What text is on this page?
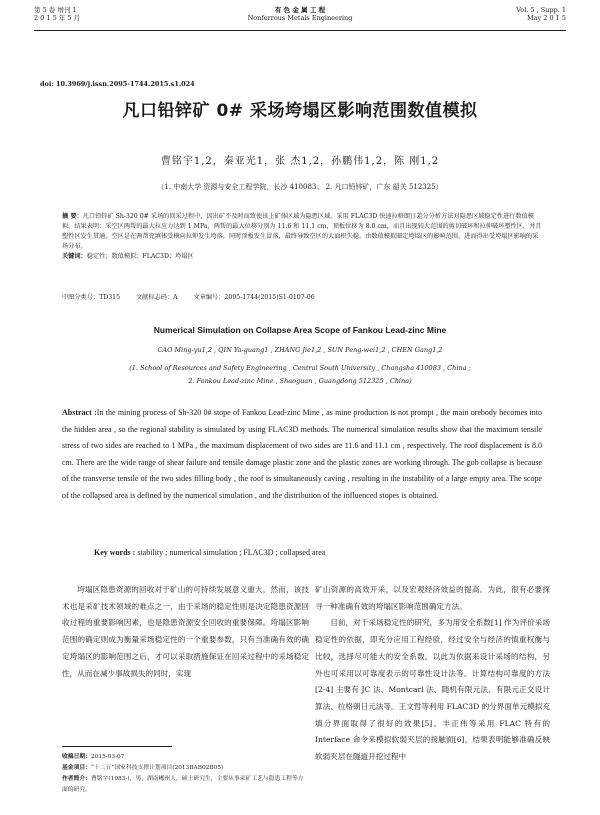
第 5 卷 增刊 1
2 0 1 5 年 5 月
有 色 金 属 工 程
Nonferrous Metals Engineering
Vol. 5 , Supp. 1
May 2 0 1 5
doi: 10.3969/j.issn.2095-1744.2015.s1.024
凡口铅锌矿 0# 采场垮塌区影响范围数值模拟
曹铭宇1,2，秦亚光1，张 杰1,2，孙鹏伟1,2，陈 刚1,2
（1. 中南大学 资源与安全工程学院，长沙 410083； 2. 凡口铅锌矿，广东 韶关 512325）
摘 要：凡口铅锌矿 Sh-320 0# 采场的回采过程中，因出矿不及时而致使该上矿体区域为隐患区域。采用 FLAC3D 快速拉格朗日差分分析方法对隐患区域稳定性进行数值模拟。结果表明：采空区两帮的最大拉应力达到 1 MPa，两帮的最大位移分别为 11.6 和 11.1 cm，顶板位移为 8.0 cm，而且出现较大范围的剪切破坏和拉伸破坏塑性区，并且塑性区发生贯通。空区是在两帮充填体受横向拉伸发生垮落，同时顶板发生冒落，最终导致空区的大面积失稳。由数值模拟圈定垮塌区的影响范围，进而得出受垮塌区影响的采场分布。
关键词：稳定性；数值模拟；FLAC3D；垮塌区
中图分类号：TD315	文献标志码：A	文章编号：2095-1744(2015)S1-0107-06
Numerical Simulation on Collapse Area Scope of Fankou Lead-zinc Mine
CAO Ming-yu1,2 , QIN Ya-guang1 , ZHANG Jie1,2 , SUN Peng-wei1,2 , CHEN Gang1,2
(1. School of Resources and Safety Engineering , Central South University , Changsha 410083 , China ;
2. Fankou Lead-zinc Mine , Shaoguan , Guangdong 512325 , China)
Abstract :In the mining process of Sh-320 0# stope of Fankou Lead-zinc Mine , as mine production is not prompt , the main orebody becomes into the hidden area , so the regional stability is simulated by using FLAC3D methods. The numerical simulation results show that the maximum tensile stress of two sides are reached to 1 MPa , the maximum displacement of two sides are 11.6 and 11.1 cm , respectively. The roof displacement is 8.0 cm. There are the wide range of shear failure and tensile damage plastic zone and the plastic zones are working through. The gob collapse is because of the transverse tensile of the two sides filling body , the roof is simultaneously caving , resulting in the instability of a large empty area. The scope of the collapsed area is defined by the numerical simulation , and the distribution of the influenced stopes is obtained.
Key words : stability ; numerical simulation ; FLAC3D ; collapsed area

垮塌区隐患资源的回收对于矿山的可持续发展意义重大，然而，该技术也是采矿技术领域的难点之一，由于采场的稳定性则是决定隐患资源回收过程的重要影响因素，也是隐患资源安全回收的重要保障。垮塌区影响范围的确定则成为衡量采场稳定性的一个重要参数，只有当准确有效的确定垮塌区的影响范围之后，才可以采取措施保证在回采过程中的采场稳定性，从而在减少事故损失的同时，实现

矿山资源的高效开采，以及宏观经济效益的提高。为此，很有必要探寻一种准确有效的垮塌区影响范围确定方法。

目前，对于采场稳定性的研究，多为用安全系数[1] 作为评价采场稳定性的依据，即充分应用工程经验，经过安全与经济的慎重权衡与比较，选择尽可能大的安全系数，以此为依据来设计采场的结构，另外也可采用以可靠度表示的可靠性设计法等。计算结构可靠度的方法[2-4] 主要有 JC 法、Montcarl 法、随机有限元法、有限元正交设计算法、拉格朗日元法等。王文哲等利用 FLAC3D 的分界面单元模拟充填分界面取得了很好的效果[5]。丰正伟等采用 FLAC 特有的 Interface 命令来模拟软弱夹层的接触面[6]，结果表明能够准确反映软弱夹层在隧道开挖过程中

收稿日期：2015-03-07
基金项目：“十二五”国家科技支撑计划项目(2013BAB02B05)
作者简介：曹铭宇(1983-)，男，湖南郴州人，硕士研究生，主要从事采矿工艺与隐患工程等方面的研究。
